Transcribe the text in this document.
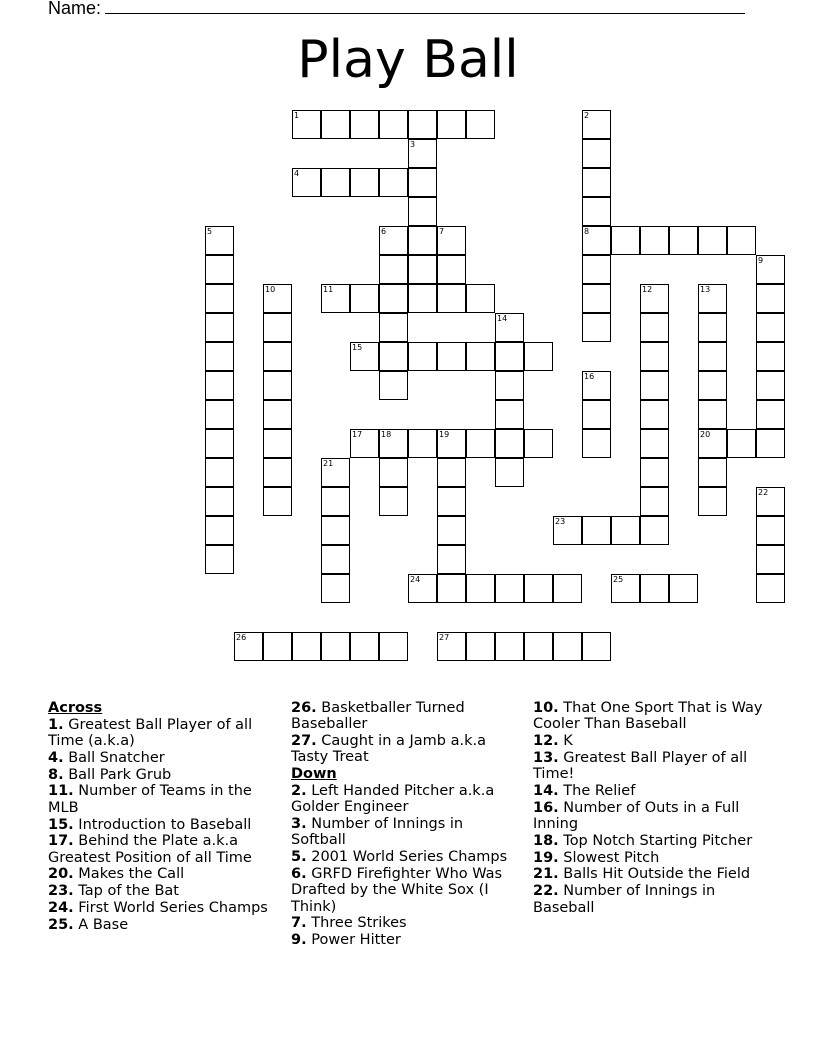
Name:
Play Ball
1
4
3
2
8
5	6	7
11
10
9
12	13
14
15
16
17 18	19	20
21
22
23
24	25
26	27
Across
1. Greatest Ball Player of all Time (a.k.a)
4. Ball Snatcher
8. Ball Park Grub
11. Number of Teams in the MLB
15. Introduction to Baseball
17. Behind the Plate a.k.a Greatest Position of all Time
20. Makes the Call
23. Tap of the Bat
24. First World Series Champs
25. A Base
26. Basketballer Turned Baseballer
27. Caught in a Jamb a.k.a Tasty Treat
Down
2. Left Handed Pitcher a.k.a Golder Engineer
3. Number of Innings in Softball
5. 2001 World Series Champs
6. GRFD Firefighter Who Was Drafted by the White Sox (I Think)
7. Three Strikes
9. Power Hitter
10. That One Sport That is Way Cooler Than Baseball
12. K
13. Greatest Ball Player of all Time!
14. The Relief
16. Number of Outs in a Full Inning
18. Top Notch Starting Pitcher
19. Slowest Pitch
21. Balls Hit Outside the Field
22. Number of Innings in Baseball
